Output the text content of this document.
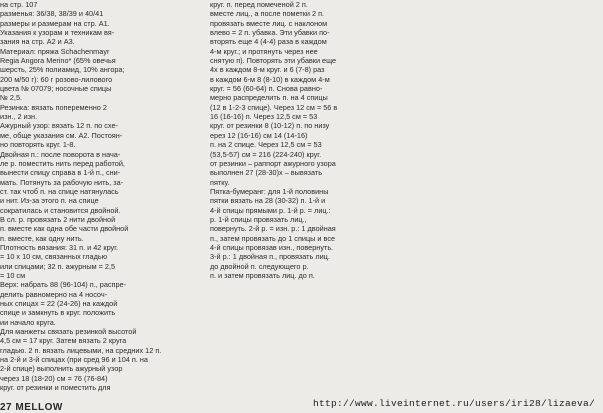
на стр. 107
разменья: 36/38, 38/39 и 40/41
размеры и размерам на стр. А1.
Указания к узорам и техникам вя-
зания на стр. А2 и А3.
Материал: пряжа Schachenmayr
Regia Angora Merino* (65% овечья
шерсть, 25% полиамид, 10% ангора;
200 м/50 г): 60 г розово-лилового
цвета № 07079; носочные спицы
№ 2,5.
Резинка: вязать попеременно 2
изн., 2 изн.
Ажурный узор: вязать 12 п. по схе-
ме, обще указания см. А2. Постоян-
но повторять круг. 1-8.
Двойная п.: после поворота в нача-
ле р. поместить нить перед работой,
вынести спицу справа в 1-й п., сни-
мать. Потянуть за рабочую нить, за-
ст. так чтоб п. на спице натянулась
и нит. Из-за этого п. на спице
сократилась и становится двойной.
В сл. р. провязать 2 нити двойной
п. вместе как одна обе части двойной
п. вместе, как одну нить.
Плотность вязания: 31 п. и 42 круг.
= 10 х 10 см, связанных гладью
или спицами; 32 п. ажурным = 2,5
= 10 см
Верх: набрать 88 (96-104) п., распре-
делить равномерно на 4 носоч-
ных спицах = 22 (24-26) на каждой
спице и замкнуть в круг. положить
ии начало круга.
Для манжеты связать резинкой высотой
4,5 см = 17 круг. Затем вязать 2 круга
гладью. 2 п. вязать лицевыми, на средних 12 п.
на 2-й и 3-й спицах (при сред 96 и 104 п. на
2-й спице) выполнить ажурный узор
через 18 (18-20) см = 76 (76-84)
круг. от резинки и поместить для
круг. п. перед помеченой 2 п.
вместе лиц., а после пометки 2 п.
провязать вместе лиц. с наклоном
влево = 2 п. убавка. Эти убавки по-
вторять еще 4 (4-4) раза в каждом
4-м круг.; и протянуть через нее
снятую п). Повторять эти убавки еще
4х в каждом 8-м круг. и 6 (7-8) раз
в каждом 6-м 8 (8-10) в каждом 4-м
круг. = 56 (60-64) п. Снова равно-
мерно распределить п. на 4 спицы
(12 в 1-2-3 спице). Через 12 см = 56 в
16 (16-16) п. Через 12,5 см = 53
круг. от резинки 8 (10-12) п. по низу
ерез 12 (16-16) см 14 (14-16)
п. на 2 спице. Через 12,5 см = 53
(53,5-57) см = 216 (224-240) круг.
от резинки – раппорт ажурного узора
выполнен 27 (28-30)х – вывязать
пятку.
Пятка-бумеранг: для 1-й половины
пятки вязать на 28 (30-32) п. 1-й и
4-й спицы прямыми р. 1-й р. = лиц.:
р. 1-й спицы провязать лиц.,
повернуть. 2-й р. = изн. р.: 1 двойная
п., затем провязать до 1 спицы и все
4-й спицы провязав изн., повернуть.
3-й р.: 1 двойная п., провязать лиц.
до двойной п. следующего р.
п. и затем провязать лиц. до п.
27 MELLOW	http://www.liveinternet.ru/users/iri28/lizaeva/
